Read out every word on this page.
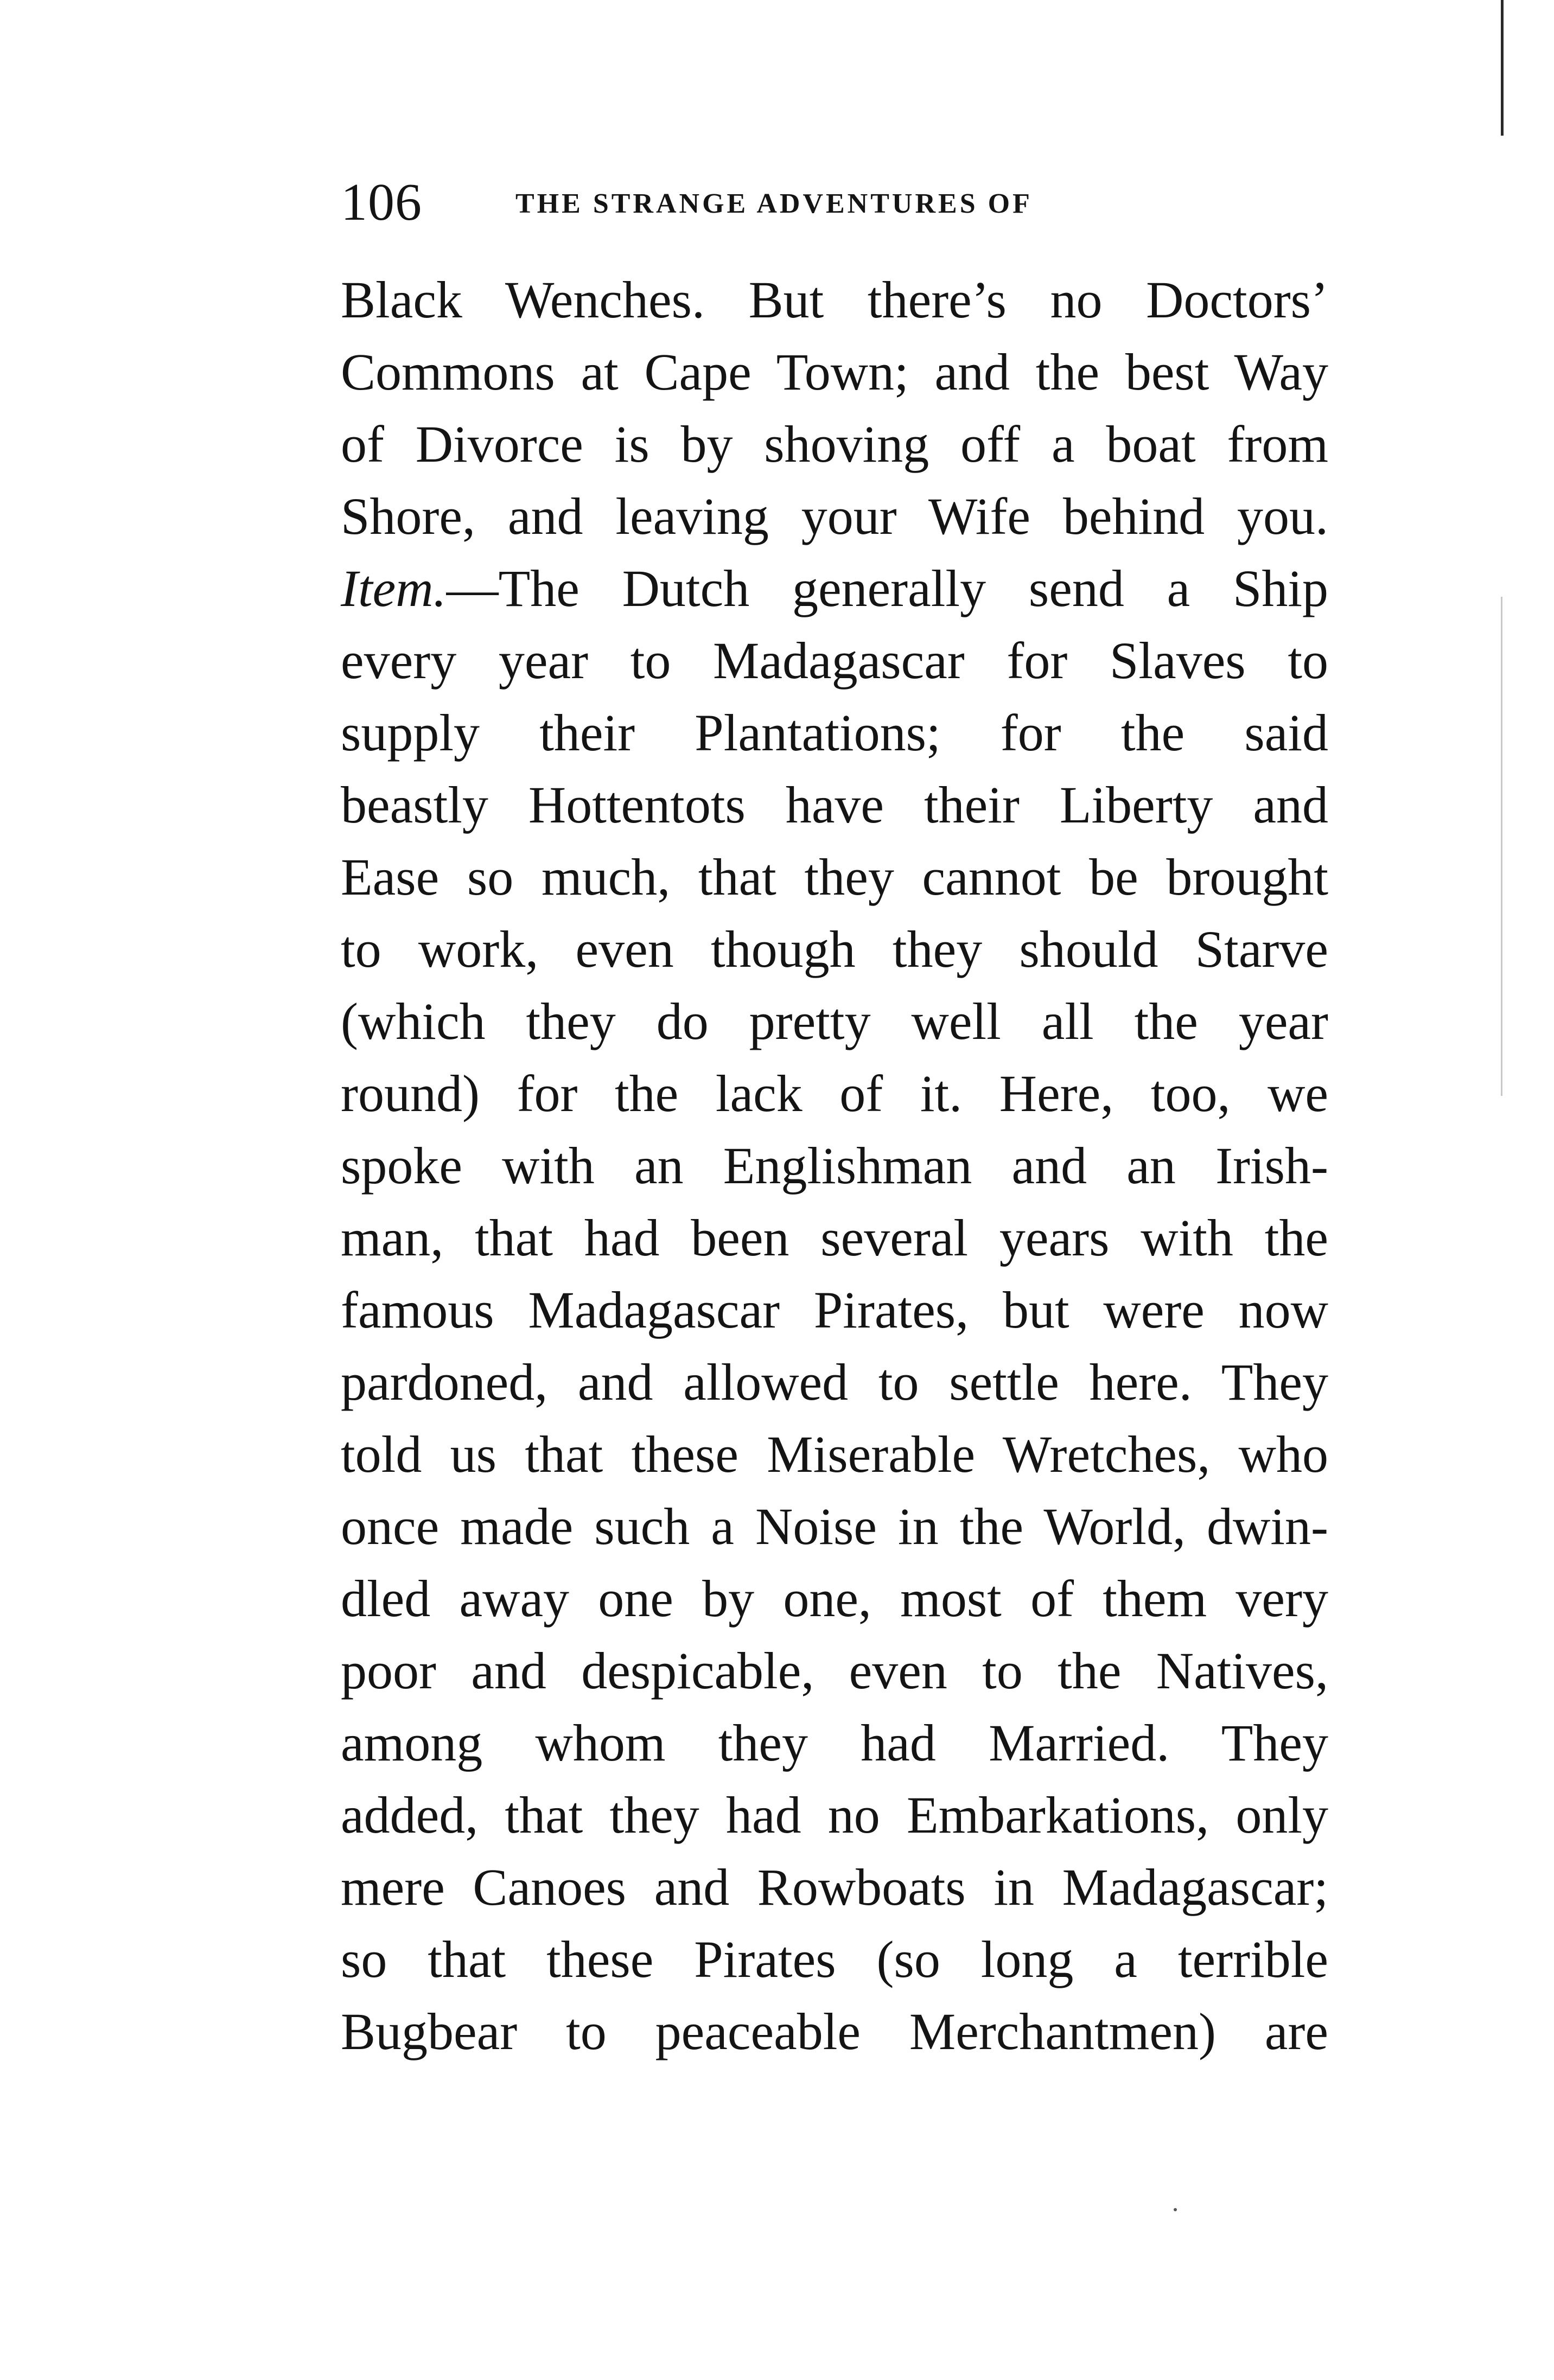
106	THE STRANGE ADVENTURES OF
Black Wenches. But there’s no Doctors’
Commons at Cape Town; and the best Way
of Divorce is by shoving off a boat from
Shore, and leaving your Wife behind you.
Item.—The Dutch generally send a Ship
every year to Madagascar for Slaves to
supply their Plantations; for the said
beastly Hottentots have their Liberty and
Ease so much, that they cannot be brought
to work, even though they should Starve
(which they do pretty well all the year
round) for the lack of it. Here, too, we
spoke with an Englishman and an Irish-
man, that had been several years with the
famous Madagascar Pirates, but were now
pardoned, and allowed to settle here. They
told us that these Miserable Wretches, who
once made such a Noise in the World, dwin-
dled away one by one, most of them very
poor and despicable, even to the Natives,
among whom they had Married. They
added, that they had no Embarkations, only
mere Canoes and Rowboats in Madagascar;
so that these Pirates (so long a terrible
Bugbear to peaceable Merchantmen) are
